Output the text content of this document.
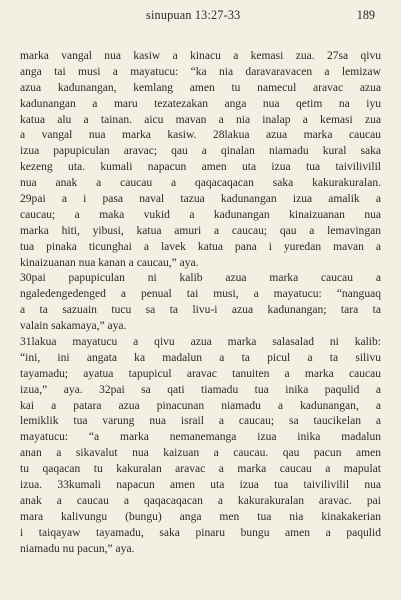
sinupuan 13:27-33	189
marka vangal nua kasiw a kinacu a kemasi zua. 27sa qivu
anga tai musi a mayatucu: “ka nia daravaravacen a lemizaw
azua kadunangan, kemlang amen tu namecul aravac azua
kadunangan a maru tezatezakan anga nua qetim na iyu
katua alu a tainan. aicu mavan a nia inalap a kemasi zua
a vangal nua marka kasiw. 28lakua azua marka caucau
izua papupiculan aravac; qau a qinalan niamadu kural saka
kezeng uta. kumali napacun amen uta izua tua taivilivilil
nua anak a caucau a qaqacaqacan saka kakurakuralan.
29pai a i pasa naval tazua kadunangan izua amalik a
caucau; a maka vukid a kadunangan kinaizuanan nua
marka hiti, yibusi, katua amuri a caucau; qau a lemavingan
tua pinaka ticunghai a lavek katua pana i yuredan mavan a
kinaizuanan nua kanan a caucau,” aya.
30pai papupiculan ni kalib azua marka caucau a
ngaledengedenged a penual tai musi, a mayatucu: “nanguaq
a ta sazuain tucu sa ta livu-i azua kadunangan; tara ta
valain sakamaya,” aya.
31lakua mayatucu a qivu azua marka salasalad ni kalib:
“ini, ini angata ka madalun a ta picul a ta silivu
tayamadu; ayatua tapupicul aravac tanuiten a marka caucau
izua,” aya. 32pai sa qati tiamadu tua inika paqulid a
kai a patara azua pinacunan niamadu a kadunangan, a
lemiklik tua varung nua israil a caucau; sa taucikelan a
mayatucu: “a marka nemanemanga izua inika madalun
anan a sikavalut nua kaizuan a caucau. qau pacun amen
tu qaqacan tu kakuralan aravac a marka caucau a mapulat
izua. 33kumali napacun amen uta izua tua taivilivilil nua
anak a caucau a qaqacaqacan a kakurakuralan aravac. pai
mara kalivungu (bungu) anga men tua nia kinakakerian
i taiqayaw tayamadu, saka pinaru bungu amen a paqulid
niamadu nu pacun,” aya.
